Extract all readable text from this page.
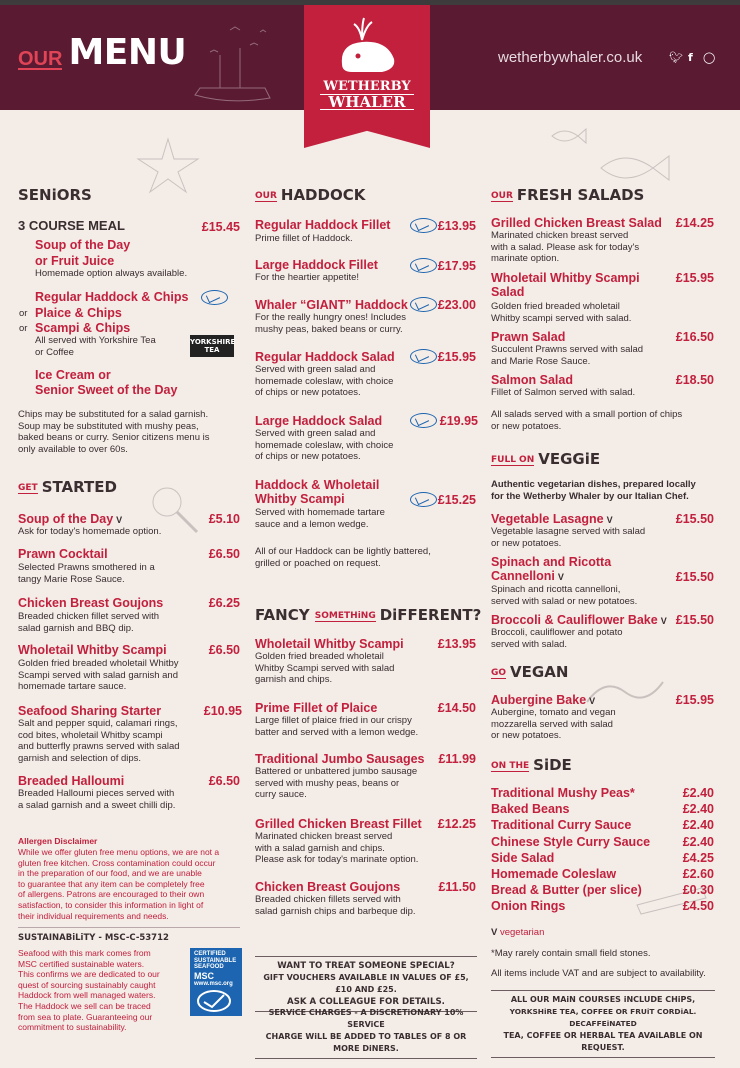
OUR MENU	wetherbywhaler.co.uk 🐦︎ f ◯
WETHERBY
WHALER
SENiORS
3 COURSE MEAL	£15.45
Soup of the Day
or Fruit Juice
Homemade option always available.
Regular Haddock & Chips
or Plaice & Chips
or Scampi & Chips
All served with Yorkshire Tea
or Coffee
YORKSHIRE
TEA
Ice Cream or
Senior Sweet of the Day
Chips may be substituted for a salad garnish.
Soup may be substituted with mushy peas,
baked beans or curry. Senior citizens menu is
only available to over 60s.
GET STARTED
Soup of the Day V	£5.10
Ask for today's homemade option.
Prawn Cocktail	£6.50
Selected Prawns smothered in a
tangy Marie Rose Sauce.
Chicken Breast Goujons	£6.25
Breaded chicken fillet served with
salad garnish and BBQ dip.
Wholetail Whitby Scampi	£6.50
Golden fried breaded wholetail Whitby
Scampi served with salad garnish and
homemade tartare sauce.
Seafood Sharing Starter	£10.95
Salt and pepper squid, calamari rings,
cod bites, wholetail Whitby scampi
and butterfly prawns served with salad
garnish and selection of dips.
Breaded Halloumi	£6.50
Breaded Halloumi pieces served with
a salad garnish and a sweet chilli dip.
Allergen Disclaimer
While we offer gluten free menu options, we are not a
gluten free kitchen. Cross contamination could occur
in the preparation of our food, and we are unable
to guarantee that any item can be completely free
of allergens. Patrons are encouraged to their own
satisfaction, to consider this information in light of
their individual requirements and needs.
SUSTAINABiLiTY - MSC-C-53712
Seafood with this mark comes from
MSC certified sustainable waters.
This confirms we are dedicated to our
quest of sourcing sustainably caught
Haddock from well managed waters.
The Haddock we sell can be traced
from sea to plate. Guaranteeing our
commitment to sustainability.
CERTIFIED
SUSTAINABLE
SEAFOOD
MSC
www.msc.org
OUR HADDOCK
Regular Haddock Fillet	£13.95
Prime fillet of Haddock.
Large Haddock Fillet	£17.95
For the heartier appetite!
Whaler “GIANT” Haddock	£23.00
For the really hungry ones! Includes
mushy peas, baked beans or curry.
Regular Haddock Salad	£15.95
Served with green salad and
homemade coleslaw, with choice
of chips or new potatoes.
Large Haddock Salad	£19.95
Served with green salad and
homemade coleslaw, with choice
of chips or new potatoes.
Haddock & Wholetail
Whitby Scampi	£15.25
Served with homemade tartare
sauce and a lemon wedge.
All of our Haddock can be lightly battered,
grilled or poached on request.
FANCY SOMETHiNG DiFFERENT?
Wholetail Whitby Scampi	£13.95
Golden fried breaded wholetail
Whitby Scampi served with salad
garnish and chips.
Prime Fillet of Plaice	£14.50
Large fillet of plaice fried in our crispy
batter and served with a lemon wedge.
Traditional Jumbo Sausages	£11.99
Battered or unbattered jumbo sausage
served with mushy peas, beans or
curry sauce.
Grilled Chicken Breast Fillet	£12.25
Marinated chicken breast served
with a salad garnish and chips.
Please ask for today's marinate option.
Chicken Breast Goujons	£11.50
Breaded chicken fillets served with
salad garnish chips and barbeque dip.
WANT TO TREAT SOMEONE SPECIAL?
GIFT VOUCHERS AVAILABLE IN VALUES OF £5, £10 AND £25.
ASK A COLLEAGUE FOR DETAILS.
SERViCE CHARGES - A DiSCRETiONARY 10% SERViCE
CHARGE WiLL BE ADDED TO TABLES OF 8 OR MORE DiNERS.
OUR FRESH SALADS
Grilled Chicken Breast Salad	£14.25
Marinated chicken breast served
with a salad. Please ask for today's
marinate option.
Wholetail Whitby Scampi
Salad
£15.95
Golden fried breaded wholetail
Whitby scampi served with salad.
Prawn Salad	£16.50
Succulent Prawns served with salad
and Marie Rose Sauce.
Salmon Salad	£18.50
Fillet of Salmon served with salad.
All salads served with a small portion of chips
or new potatoes.
FULL ON VEGGiE
Authentic vegetarian dishes, prepared locally
for the Wetherby Whaler by our Italian Chef.
Vegetable Lasagne V	£15.50
Vegetable lasagne served with salad
or new potatoes.
Spinach and Ricotta
Cannelloni V	£15.50
Spinach and ricotta cannelloni,
served with salad or new potatoes.
Broccoli & Cauliflower Bake V £15.50
Broccoli, cauliflower and potato
served with salad.
GO VEGAN
Aubergine Bake V	£15.95
Aubergine, tomato and vegan
mozzarella served with salad
or new potatoes.
ON THE SiDE
Traditional Mushy Peas*	£2.40
Baked Beans	£2.40
Traditional Curry Sauce	£2.40
Chinese Style Curry Sauce	£2.40
Side Salad	£4.25
Homemade Coleslaw	£2.60
Bread & Butter (per slice)	£0.30
Onion Rings	£4.50
V vegetarian
*May rarely contain small field stones.
All items include VAT and are subject to availability.
ALL OUR MAiN COURSES iNCLUDE CHiPS,
YORKSHiRE TEA, COFFEE OR FRUiT CORDiAL. DECAFFEiNATED
TEA, COFFEE OR HERBAL TEA AVAiLABLE ON REQUEST.
